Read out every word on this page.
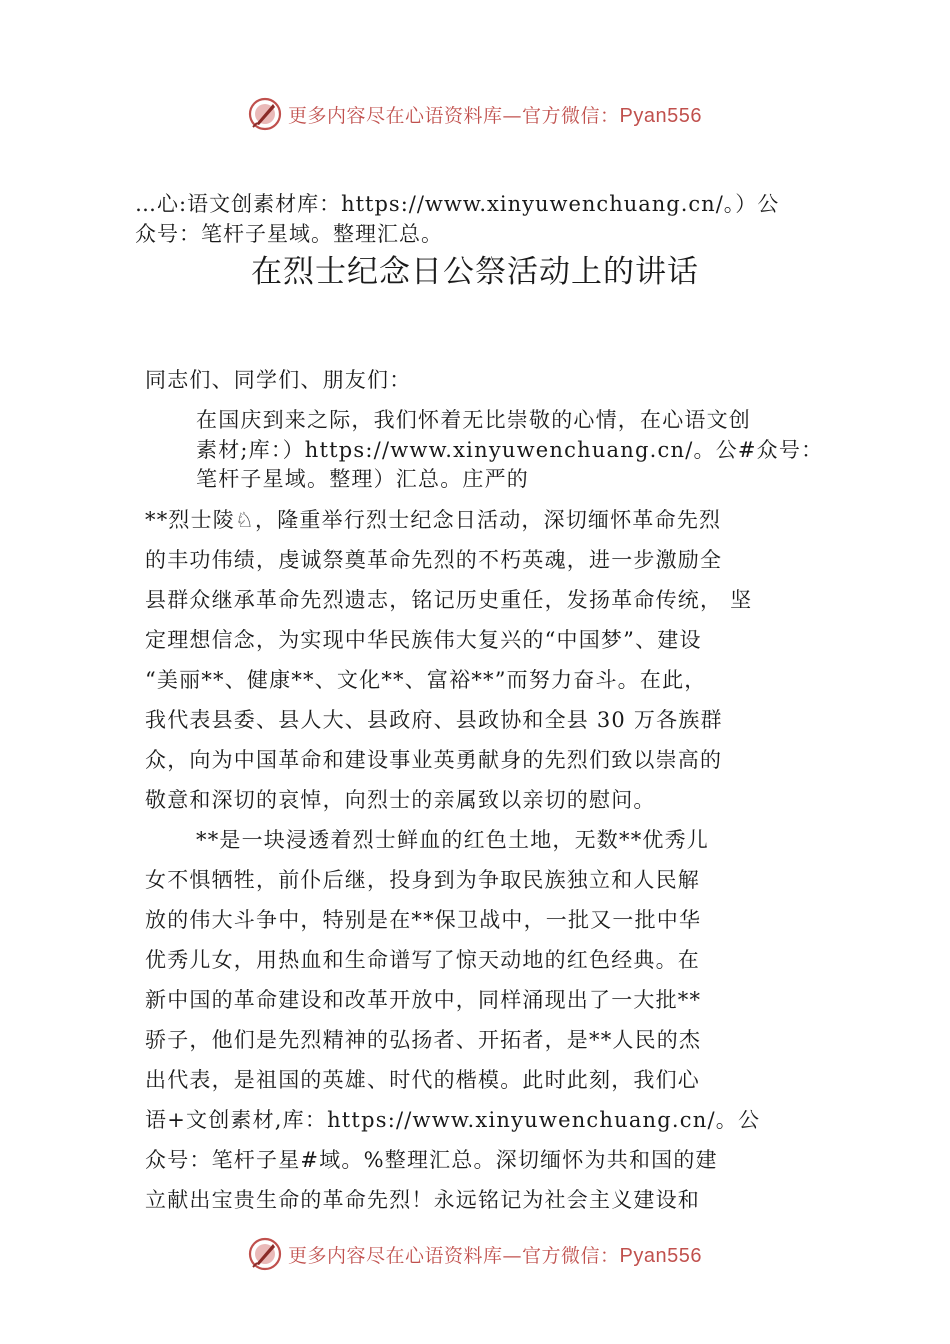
更多内容尽在心语资料库—官方微信：Pyan556
…心:语文创素材库：https://www.xinyuwenchuang.cn/。）公
众号：笔杆子星域。整理汇总。
在烈士纪念日公祭活动上的讲话
同志们、同学们、朋友们：
在国庆到来之际，我们怀着无比崇敬的心情，在心语文创
素材;库：）https://www.xinyuwenchuang.cn/。公#众号：
笔杆子星域。整理）汇总。庄严的
**烈士陵♘，隆重举行烈士纪念日活动，深切缅怀革命先烈
的丰功伟绩，虔诚祭奠革命先烈的不朽英魂，进一步激励全
县群众继承革命先烈遗志，铭记历史重任，发扬革命传统， 坚
定理想信念，为实现中华民族伟大复兴的“中国梦”、建设
“美丽**、健康**、文化**、富裕**”而努力奋斗。在此，
我代表县委、县人大、县政府、县政协和全县 30 万各族群
众，向为中国革命和建设事业英勇献身的先烈们致以崇高的
敬意和深切的哀悼，向烈士的亲属致以亲切的慰问。
**是一块浸透着烈士鲜血的红色土地，无数**优秀儿
女不惧牺牲，前仆后继，投身到为争取民族独立和人民解
放的伟大斗争中，特别是在**保卫战中，一批又一批中华
优秀儿女，用热血和生命谱写了惊天动地的红色经典。在
新中国的革命建设和改革开放中，同样涌现出了一大批**
骄子，他们是先烈精神的弘扬者、开拓者，是**人民的杰
出代表，是祖国的英雄、时代的楷模。此时此刻，我们心
语+文创素材,库：https://www.xinyuwenchuang.cn/。公
众号：笔杆子星#域。%整理汇总。深切缅怀为共和国的建
立献出宝贵生命的革命先烈！永远铭记为社会主义建设和
更多内容尽在心语资料库—官方微信：Pyan556
